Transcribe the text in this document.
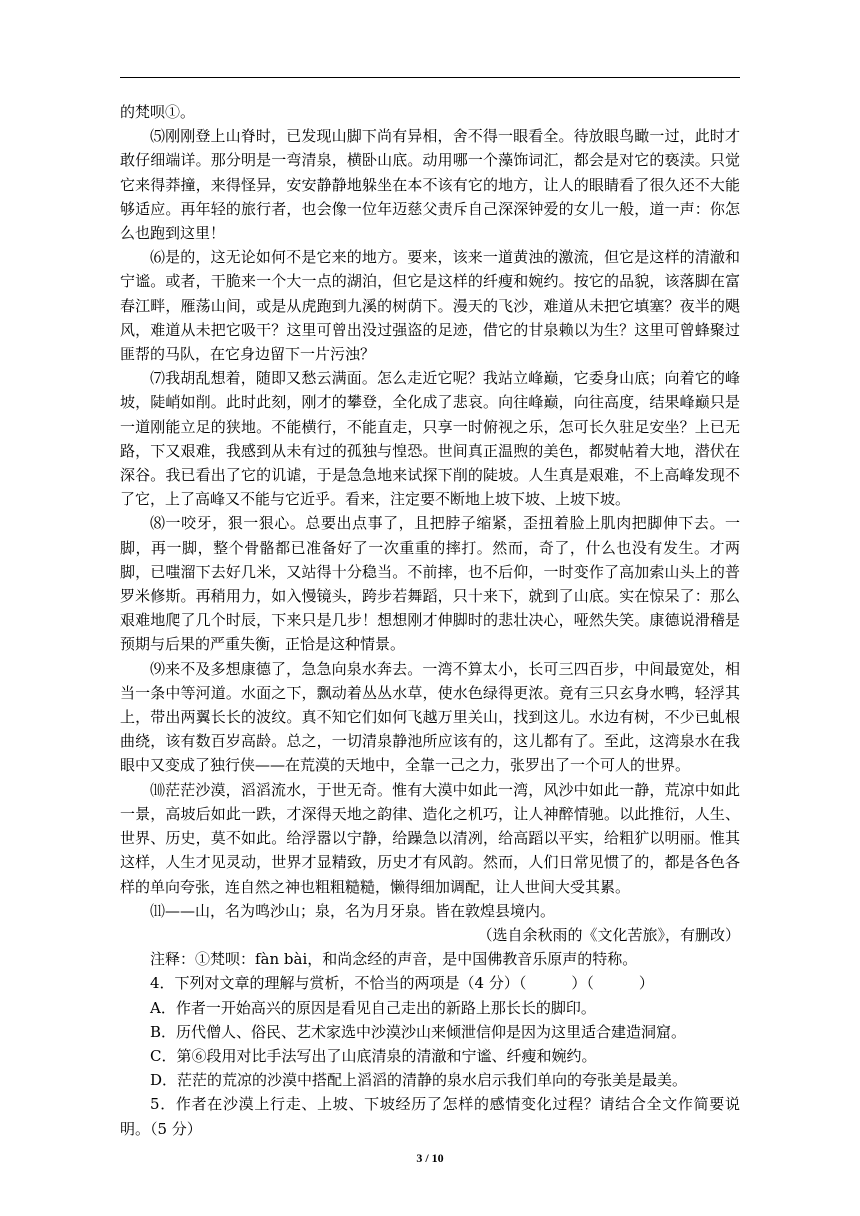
的梵呗①。

⑸刚刚登上山脊时，已发现山脚下尚有异相，舍不得一眼看全。待放眼鸟瞰一过，此时才敢仔细端详。那分明是一弯清泉，横卧山底。动用哪一个藻饰词汇，都会是对它的亵渎。只觉它来得莽撞，来得怪异，安安静静地躲坐在本不该有它的地方，让人的眼睛看了很久还不大能够适应。再年轻的旅行者，也会像一位年迈慈父责斥自己深深钟爱的女儿一般，道一声：你怎么也跑到这里！

⑹是的，这无论如何不是它来的地方。要来，该来一道黄浊的激流，但它是这样的清澈和宁谧。或者，干脆来一个大一点的湖泊，但它是这样的纤瘦和婉约。按它的品貌，该落脚在富春江畔，雁荡山间，或是从虎跑到九溪的树荫下。漫天的飞沙，难道从未把它填塞？夜半的飓风，难道从未把它吸干？这里可曾出没过强盗的足迹，借它的甘泉赖以为生？这里可曾蜂聚过匪帮的马队，在它身边留下一片污浊？

⑺我胡乱想着，随即又愁云满面。怎么走近它呢？我站立峰巅，它委身山底；向着它的峰坡，陡峭如削。此时此刻，刚才的攀登，全化成了悲哀。向往峰巅，向往高度，结果峰巅只是一道刚能立足的狭地。不能横行，不能直走，只享一时俯视之乐，怎可长久驻足安坐？上已无路，下又艰难，我感到从未有过的孤独与惶恐。世间真正温煦的美色，都熨帖着大地，潜伏在深谷。我已看出了它的讥谑，于是急急地来试探下削的陡坡。人生真是艰难，不上高峰发现不了它，上了高峰又不能与它近乎。看来，注定要不断地上坡下坡、上坡下坡。

⑻一咬牙，狠一狠心。总要出点事了，且把脖子缩紧，歪扭着脸上肌肉把脚伸下去。一脚，再一脚，整个骨骼都已准备好了一次重重的摔打。然而，奇了，什么也没有发生。才两脚，已嗤溜下去好几米，又站得十分稳当。不前摔，也不后仰，一时变作了高加索山头上的普罗米修斯。再稍用力，如入慢镜头，跨步若舞蹈，只十来下，就到了山底。实在惊呆了：那么艰难地爬了几个时辰，下来只是几步！想想刚才伸脚时的悲壮决心，哑然失笑。康德说滑稽是预期与后果的严重失衡，正恰是这种情景。

⑼来不及多想康德了，急急向泉水奔去。一湾不算太小，长可三四百步，中间最宽处，相当一条中等河道。水面之下，飘动着丛丛水草，使水色绿得更浓。竟有三只玄身水鸭，轻浮其上，带出两翼长长的波纹。真不知它们如何飞越万里关山，找到这儿。水边有树，不少已虬根曲绕，该有数百岁高龄。总之，一切清泉静池所应该有的，这儿都有了。至此，这湾泉水在我眼中又变成了独行侠——在荒漠的天地中，全靠一己之力，张罗出了一个可人的世界。

⑽茫茫沙漠，滔滔流水，于世无奇。惟有大漠中如此一湾，风沙中如此一静，荒凉中如此一景，高坡后如此一跌，才深得天地之韵律、造化之机巧，让人神醉情驰。以此推衍，人生、世界、历史，莫不如此。给浮嚣以宁静，给躁急以清冽，给高蹈以平实，给粗犷以明丽。惟其这样，人生才见灵动，世界才显精致，历史才有风韵。然而，人们日常见惯了的，都是各色各样的单向夸张，连自然之神也粗粗糙糙，懒得细加调配，让人世间大受其累。

⑾——山，名为鸣沙山；泉，名为月牙泉。皆在敦煌县境内。

（选自余秋雨的《文化苦旅》，有删改）

注释：①梵呗：fàn bài，和尚念经的声音，是中国佛教音乐原声的特称。

4．下列对文章的理解与赏析，不恰当的两项是（4 分）（　　　）（　　　）

A．作者一开始高兴的原因是看见自己走出的新路上那长长的脚印。

B．历代僧人、俗民、艺术家选中沙漠沙山来倾泄信仰是因为这里适合建造洞窟。

C．第⑥段用对比手法写出了山底清泉的清澈和宁谧、纤瘦和婉约。

D．茫茫的荒凉的沙漠中搭配上滔滔的清静的泉水启示我们单向的夸张美是最美。

5．作者在沙漠上行走、上坡、下坡经历了怎样的感情变化过程？请结合全文作简要说明。（5 分）

3 / 10
